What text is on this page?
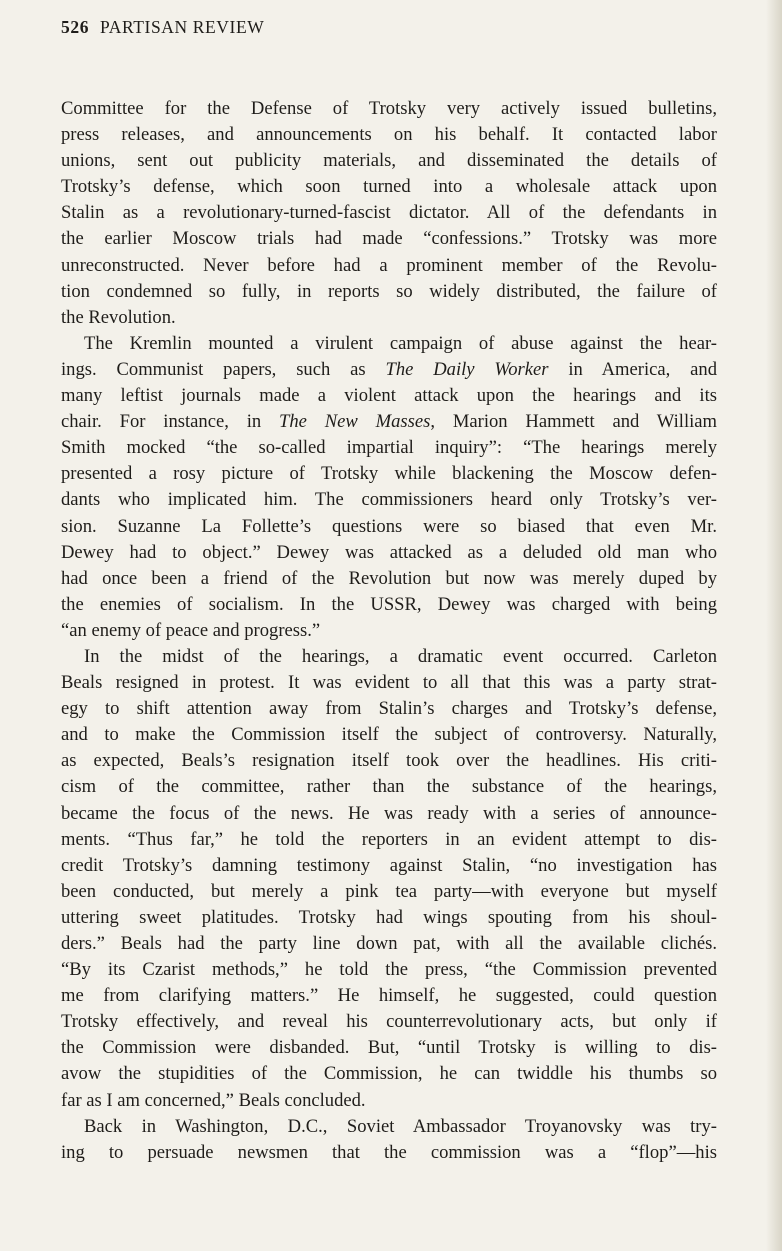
526 PARTISAN REVIEW
Committee for the Defense of Trotsky very actively issued bulletins,
press releases, and announcements on his behalf. It contacted labor
unions, sent out publicity materials, and disseminated the details of
Trotsky’s defense, which soon turned into a wholesale attack upon
Stalin as a revolutionary-turned-fascist dictator. All of the defendants in
the earlier Moscow trials had made “confessions.” Trotsky was more
unreconstructed. Never before had a prominent member of the Revolu-
tion condemned so fully, in reports so widely distributed, the failure of
the Revolution.
The Kremlin mounted a virulent campaign of abuse against the hear-
ings. Communist papers, such as The Daily Worker in America, and
many leftist journals made a violent attack upon the hearings and its
chair. For instance, in The New Masses, Marion Hammett and William
Smith mocked “the so-called impartial inquiry”: “The hearings merely
presented a rosy picture of Trotsky while blackening the Moscow defen-
dants who implicated him. The commissioners heard only Trotsky’s ver-
sion. Suzanne La Follette’s questions were so biased that even Mr.
Dewey had to object.” Dewey was attacked as a deluded old man who
had once been a friend of the Revolution but now was merely duped by
the enemies of socialism. In the USSR, Dewey was charged with being
“an enemy of peace and progress.”
In the midst of the hearings, a dramatic event occurred. Carleton
Beals resigned in protest. It was evident to all that this was a party strat-
egy to shift attention away from Stalin’s charges and Trotsky’s defense,
and to make the Commission itself the subject of controversy. Naturally,
as expected, Beals’s resignation itself took over the headlines. His criti-
cism of the committee, rather than the substance of the hearings,
became the focus of the news. He was ready with a series of announce-
ments. “Thus far,” he told the reporters in an evident attempt to dis-
credit Trotsky’s damning testimony against Stalin, “no investigation has
been conducted, but merely a pink tea party—with everyone but myself
uttering sweet platitudes. Trotsky had wings spouting from his shoul-
ders.” Beals had the party line down pat, with all the available clichés.
“By its Czarist methods,” he told the press, “the Commission prevented
me from clarifying matters.” He himself, he suggested, could question
Trotsky effectively, and reveal his counterrevolutionary acts, but only if
the Commission were disbanded. But, “until Trotsky is willing to dis-
avow the stupidities of the Commission, he can twiddle his thumbs so
far as I am concerned,” Beals concluded.
Back in Washington, D.C., Soviet Ambassador Troyanovsky was try-
ing to persuade newsmen that the commission was a “flop”—his
